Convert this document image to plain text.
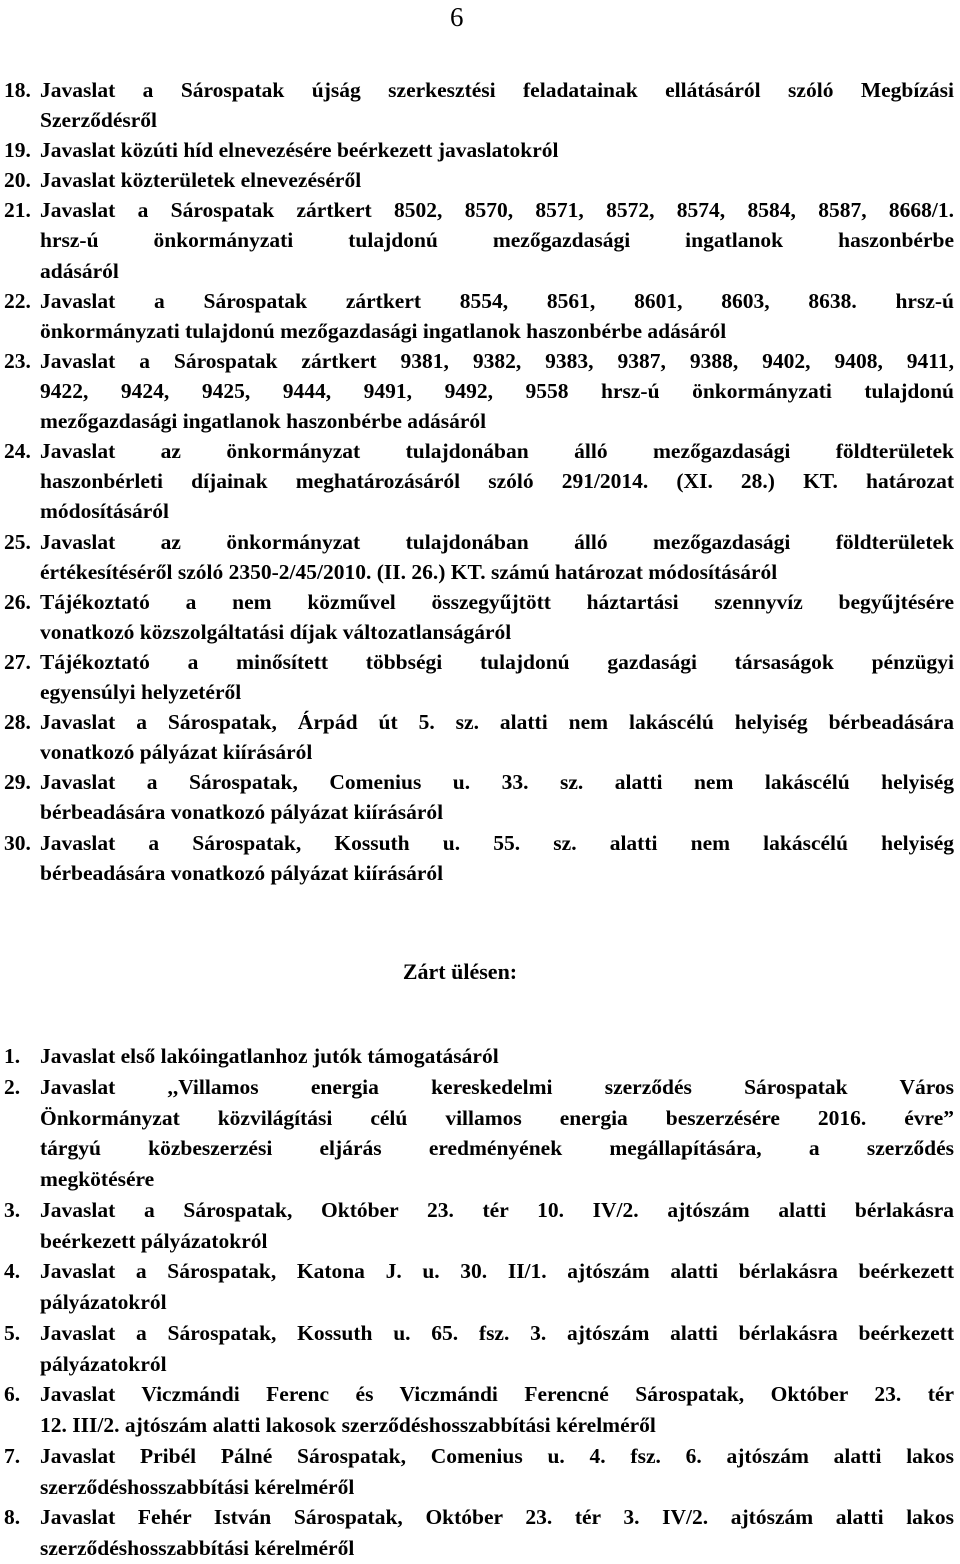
6
18. Javaslat a Sárospatak újság szerkesztési feladatainak ellátásáról szóló Megbízási
Szerződésről
19. Javaslat közúti híd elnevezésére beérkezett javaslatokról
20. Javaslat közterületek elnevezéséről
21. Javaslat a Sárospatak zártkert 8502, 8570, 8571, 8572, 8574, 8584, 8587, 8668/1.
hrsz-ú önkormányzati tulajdonú mezőgazdasági ingatlanok haszonbérbe
adásáról
22. Javaslat a Sárospatak zártkert 8554, 8561, 8601, 8603, 8638. hrsz-ú
önkormányzati tulajdonú mezőgazdasági ingatlanok haszonbérbe adásáról
23. Javaslat a Sárospatak zártkert 9381, 9382, 9383, 9387, 9388, 9402, 9408, 9411,
9422, 9424, 9425, 9444, 9491, 9492, 9558 hrsz-ú önkormányzati tulajdonú
mezőgazdasági ingatlanok haszonbérbe adásáról
24. Javaslat az önkormányzat tulajdonában álló mezőgazdasági földterületek
haszonbérleti díjainak meghatározásáról szóló 291/2014. (XI. 28.) KT. határozat
módosításáról
25. Javaslat az önkormányzat tulajdonában álló mezőgazdasági földterületek
értékesítéséről szóló 2350-2/45/2010. (II. 26.) KT. számú határozat módosításáról
26. Tájékoztató a nem közművel összegyűjtött háztartási szennyvíz begyűjtésére
vonatkozó közszolgáltatási díjak változatlanságáról
27. Tájékoztató a minősített többségi tulajdonú gazdasági társaságok pénzügyi
egyensúlyi helyzetéről
28. Javaslat a Sárospatak, Árpád út 5. sz. alatti nem lakáscélú helyiség bérbeadására
vonatkozó pályázat kiírásáról
29. Javaslat a Sárospatak, Comenius u. 33. sz. alatti nem lakáscélú helyiség
bérbeadására vonatkozó pályázat kiírásáról
30. Javaslat a Sárospatak, Kossuth u. 55. sz. alatti nem lakáscélú helyiség
bérbeadására vonatkozó pályázat kiírásáról
Zárt ülésen:
1. Javaslat első lakóingatlanhoz jutók támogatásáról
2. Javaslat ,,Villamos energia kereskedelmi szerződés Sárospatak Város
Önkormányzat közvilágítási célú villamos energia beszerzésére 2016. évre”
tárgyú közbeszerzési eljárás eredményének megállapítására, a szerződés
megkötésére
3. Javaslat a Sárospatak, Október 23. tér 10. IV/2. ajtószám alatti bérlakásra
beérkezett pályázatokról
4. Javaslat a Sárospatak, Katona J. u. 30. II/1. ajtószám alatti bérlakásra beérkezett
pályázatokról
5. Javaslat a Sárospatak, Kossuth u. 65. fsz. 3. ajtószám alatti bérlakásra beérkezett
pályázatokról
6. Javaslat Viczmándi Ferenc és Viczmándi Ferencné Sárospatak, Október 23. tér
12. III/2. ajtószám alatti lakosok szerződéshosszabbítási kérelméről
7. Javaslat Pribél Pálné Sárospatak, Comenius u. 4. fsz. 6. ajtószám alatti lakos
szerződéshosszabbítási kérelméről
8. Javaslat Fehér István Sárospatak, Október 23. tér 3. IV/2. ajtószám alatti lakos
szerződéshosszabbítási kérelméről
